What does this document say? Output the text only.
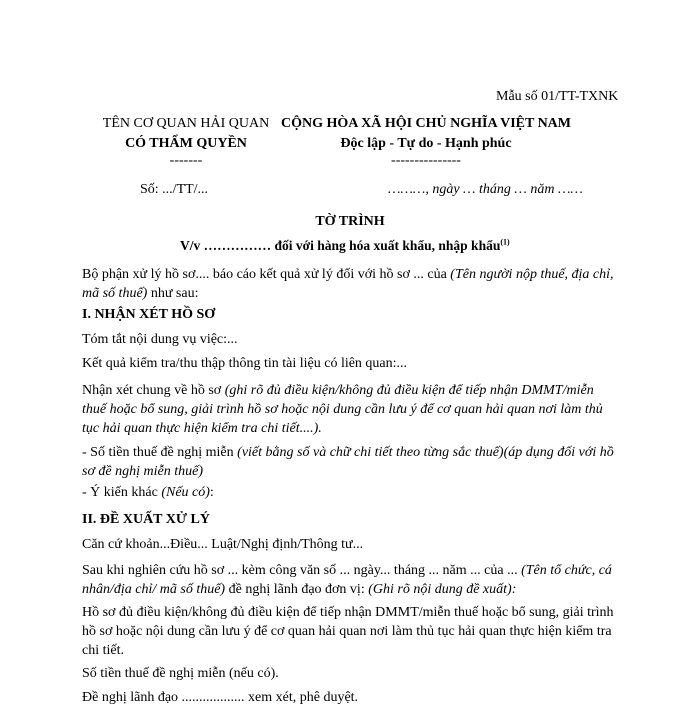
Mẫu số 01/TT-TXNK
TÊN CƠ QUAN HẢI QUAN
CÓ THẨM QUYỀN
-------
Số: .../TT/...
CỘNG HÒA XÃ HỘI CHỦ NGHĨA VIỆT NAM
Độc lập - Tự do - Hạnh phúc
---------------
………, ngày … tháng … năm ……
TỜ TRÌNH
V/v …………… đối với hàng hóa xuất khẩu, nhập khẩu$^{(1)}$

Bộ phận xử lý hồ sơ.... báo cáo kết quả xử lý đối với hồ sơ ... của (Tên người nộp thuế, địa chỉ, mã số thuế) như sau:

I. NHẬN XÉT HỒ SƠ
Tóm tắt nội dung vụ việc:...
Kết quả kiểm tra/thu thập thông tin tài liệu có liên quan:...

Nhận xét chung về hồ sơ (ghi rõ đủ điều kiện/không đủ điều kiện để tiếp nhận DMMT/miễn thuế hoặc bổ sung, giải trình hồ sơ hoặc nội dung cần lưu ý để cơ quan hải quan nơi làm thủ tục hải quan thực hiện kiểm tra chi tiết....).

- Số tiền thuế đề nghị miễn (viết bằng số và chữ chi tiết theo từng sắc thuế)(áp dụng đối với hồ sơ đề nghị miễn thuế)

- Ý kiến khác (Nếu có):
II. ĐỀ XUẤT XỬ LÝ
Căn cứ khoản...Điều... Luật/Nghị định/Thông tư...

Sau khi nghiên cứu hồ sơ ... kèm công văn số ... ngày... tháng ... năm ... của ... (Tên tổ chức, cá nhân/địa chỉ/ mã số thuế) đề nghị lãnh đạo đơn vị: (Ghi rõ nội dung đề xuất):

Hồ sơ đủ điều kiện/không đủ điều kiện để tiếp nhận DMMT/miễn thuế hoặc bổ sung, giải trình hồ sơ hoặc nội dung cần lưu ý để cơ quan hải quan nơi làm thủ tục hải quan thực hiện kiểm tra chi tiết.

Số tiền thuế đề nghị miễn (nếu có).
Đề nghị lãnh đạo .................. xem xét, phê duyệt.
